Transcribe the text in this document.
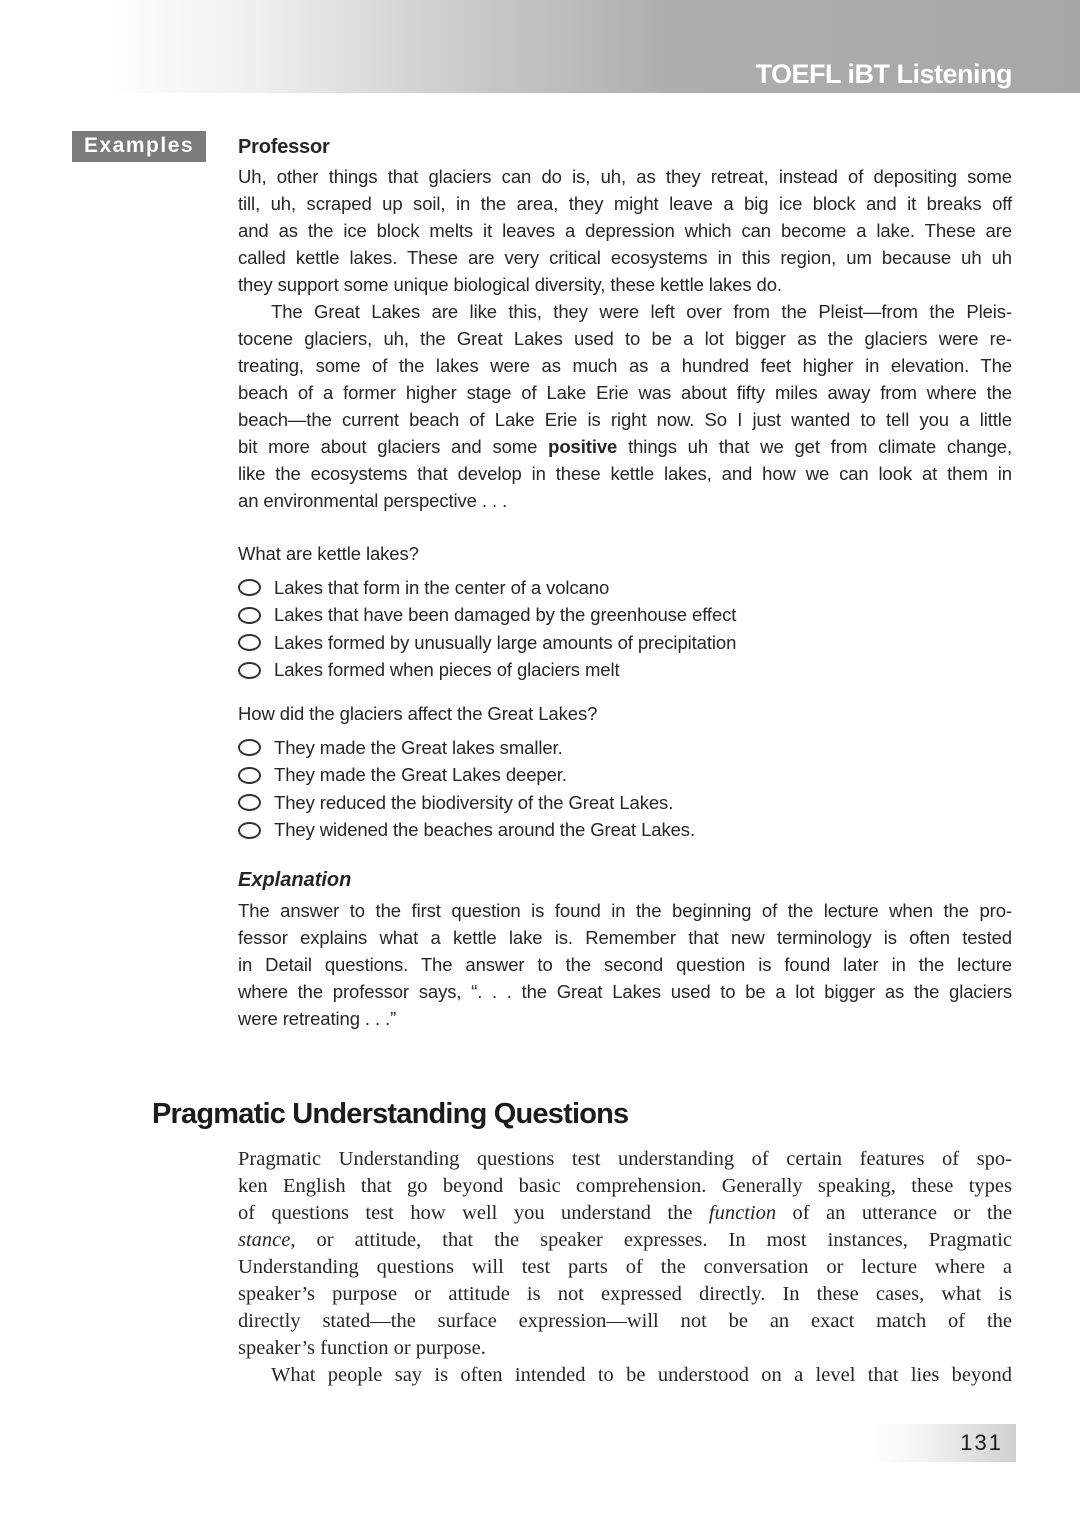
TOEFL iBT Listening
Examples	Professor
Uh, other things that glaciers can do is, uh, as they retreat, instead of depositing some
till, uh, scraped up soil, in the area, they might leave a big ice block and it breaks off
and as the ice block melts it leaves a depression which can become a lake. These are
called kettle lakes. These are very critical ecosystems in this region, um because uh uh
they support some unique biological diversity, these kettle lakes do.
The Great Lakes are like this, they were left over from the Pleist—from the Pleis-
tocene glaciers, uh, the Great Lakes used to be a lot bigger as the glaciers were re-
treating, some of the lakes were as much as a hundred feet higher in elevation. The
beach of a former higher stage of Lake Erie was about fifty miles away from where the
beach—the current beach of Lake Erie is right now. So I just wanted to tell you a little
bit more about glaciers and some positive things uh that we get from climate change,
like the ecosystems that develop in these kettle lakes, and how we can look at them in
an environmental perspective . . .
What are kettle lakes?
Lakes that form in the center of a volcano
Lakes that have been damaged by the greenhouse effect
Lakes formed by unusually large amounts of precipitation
Lakes formed when pieces of glaciers melt
How did the glaciers affect the Great Lakes?
They made the Great lakes smaller.
They made the Great Lakes deeper.
They reduced the biodiversity of the Great Lakes.
They widened the beaches around the Great Lakes.
Explanation
The answer to the first question is found in the beginning of the lecture when the pro-
fessor explains what a kettle lake is. Remember that new terminology is often tested
in Detail questions. The answer to the second question is found later in the lecture
where the professor says, “. . . the Great Lakes used to be a lot bigger as the glaciers
were retreating . . .”
Pragmatic Understanding Questions
Pragmatic Understanding questions test understanding of certain features of spo-
ken English that go beyond basic comprehension. Generally speaking, these types
of questions test how well you understand the function of an utterance or the
stance, or attitude, that the speaker expresses. In most instances, Pragmatic
Understanding questions will test parts of the conversation or lecture where a
speaker’s purpose or attitude is not expressed directly. In these cases, what is
directly stated—the surface expression—will not be an exact match of the
speaker’s function or purpose.
What people say is often intended to be understood on a level that lies beyond
131
